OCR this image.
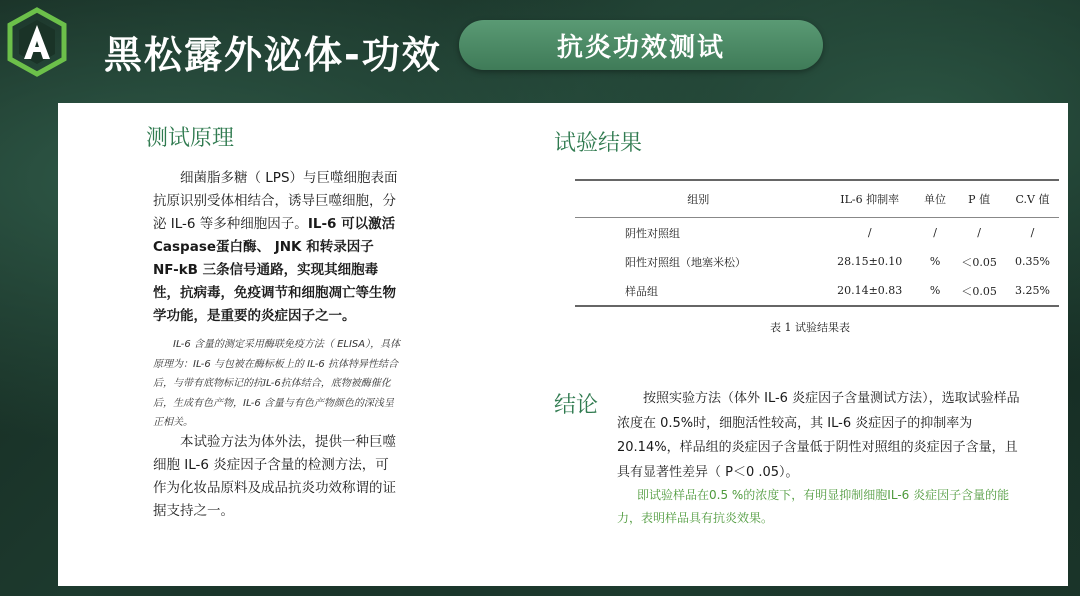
黑松露外泌体-功效	抗炎功效测试
测试原理
细菌脂多糖（ LPS）与巨噬细胞表面抗原识别受体相结合，诱导巨噬细胞，分泌 IL-6 等多种细胞因子。IL-6 可以激活Caspase蛋白酶、 JNK 和转录因子NF-kB 三条信号通路，实现其细胞毒性，抗病毒，免疫调节和细胞凋亡等生物学功能，是重要的炎症因子之一。
IL-6 含量的测定采用酶联免疫方法（ ELISA），具体原理为：IL-6 与包被在酶标板上的 IL-6 抗体特异性结合后，与带有底物标记的抗IL-6抗体结合，底物被酶催化后，生成有色产物，IL-6 含量与有色产物颜色的深浅呈正相关。
本试验方法为体外法，提供一种巨噬细胞 IL-6 炎症因子含量的检测方法，可作为化妆品原料及成品抗炎功效称谓的证据支持之一。
试验结果
组别	IL-6 抑制率	单位	P 值	C.V 值
阴性对照组	/	/	/	/
阳性对照组（地塞米松）	28.15±0.10	%	＜0.05	0.35%
样品组	20.14±0.83	%	＜0.05	3.25%
表 1 试验结果表
结论	按照实验方法（体外 IL-6 炎症因子含量测试方法），选取试验样品浓度在 0.5%时，细胞活性较高，其 IL-6 炎症因子的抑制率为 20.14%，样品组的炎症因子含量低于阴性对照组的炎症因子含量，且具有显著性差异（ P＜0 .05）。
即试验样品在0.5 %的浓度下，有明显抑制细胞IL-6 炎症因子含量的能力，表明样品具有抗炎效果。
